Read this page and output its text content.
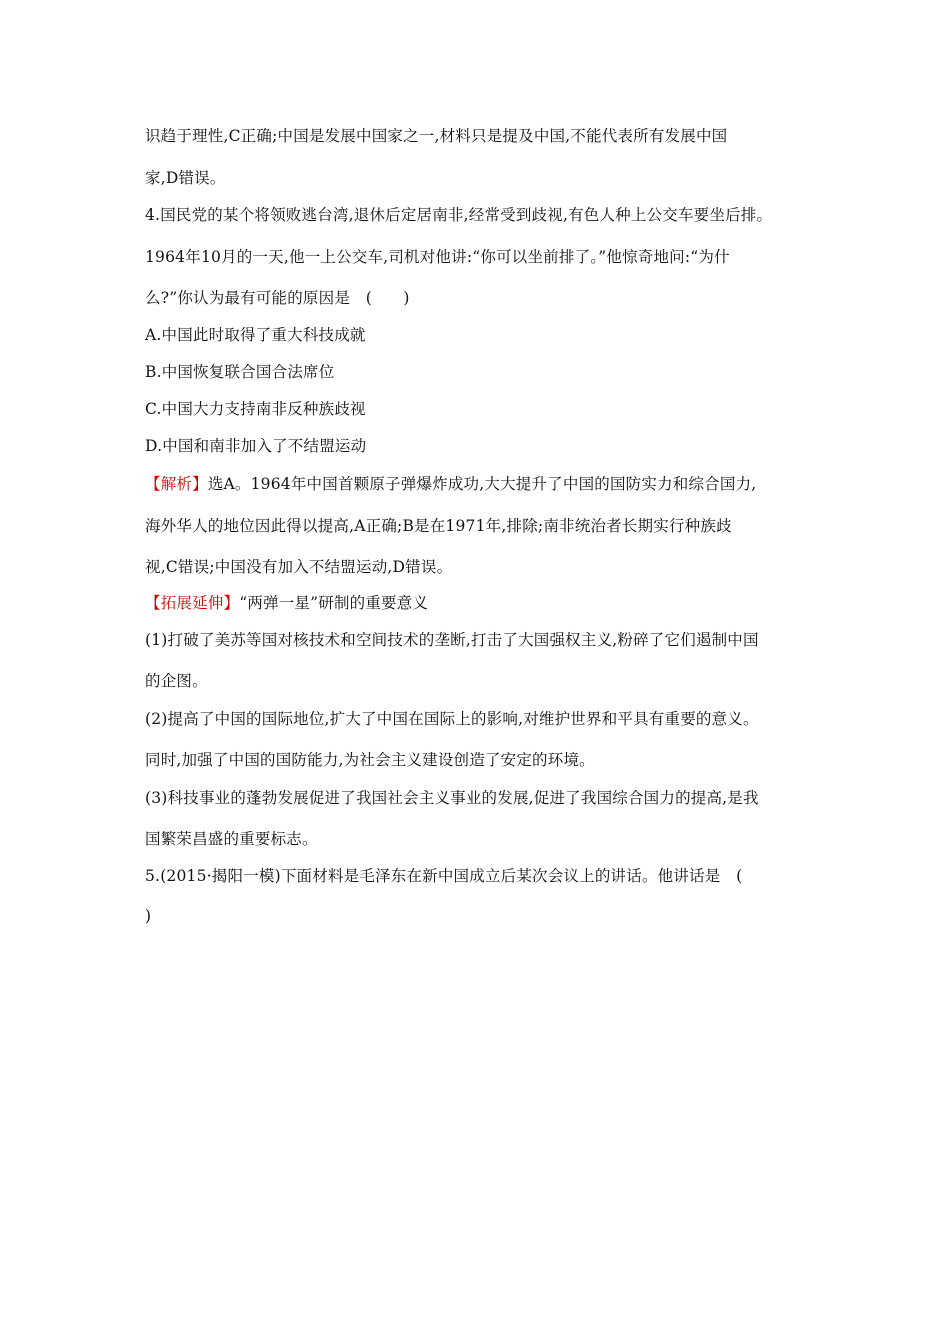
识趋于理性,C正确;中国是发展中国家之一,材料只是提及中国,不能代表所有发展中国
家,D错误。
4.国民党的某个将领败逃台湾,退休后定居南非,经常受到歧视,有色人种上公交车要坐后排。
1964年10月的一天,他一上公交车,司机对他讲:“你可以坐前排了。”他惊奇地问:“为什
么?”你认为最有可能的原因是　(　　)
A.中国此时取得了重大科技成就
B.中国恢复联合国合法席位
C.中国大力支持南非反种族歧视
D.中国和南非加入了不结盟运动
【解析】选A。1964年中国首颗原子弹爆炸成功,大大提升了中国的国防实力和综合国力,
海外华人的地位因此得以提高,A正确;B是在1971年,排除;南非统治者长期实行种族歧
视,C错误;中国没有加入不结盟运动,D错误。
【拓展延伸】“两弹一星”研制的重要意义
(1)打破了美苏等国对核技术和空间技术的垄断,打击了大国强权主义,粉碎了它们遏制中国
的企图。
(2)提高了中国的国际地位,扩大了中国在国际上的影响,对维护世界和平具有重要的意义。
同时,加强了中国的国防能力,为社会主义建设创造了安定的环境。
(3)科技事业的蓬勃发展促进了我国社会主义事业的发展,促进了我国综合国力的提高,是我
国繁荣昌盛的重要标志。
5.(2015·揭阳一模)下面材料是毛泽东在新中国成立后某次会议上的讲话。他讲话是　(
)
